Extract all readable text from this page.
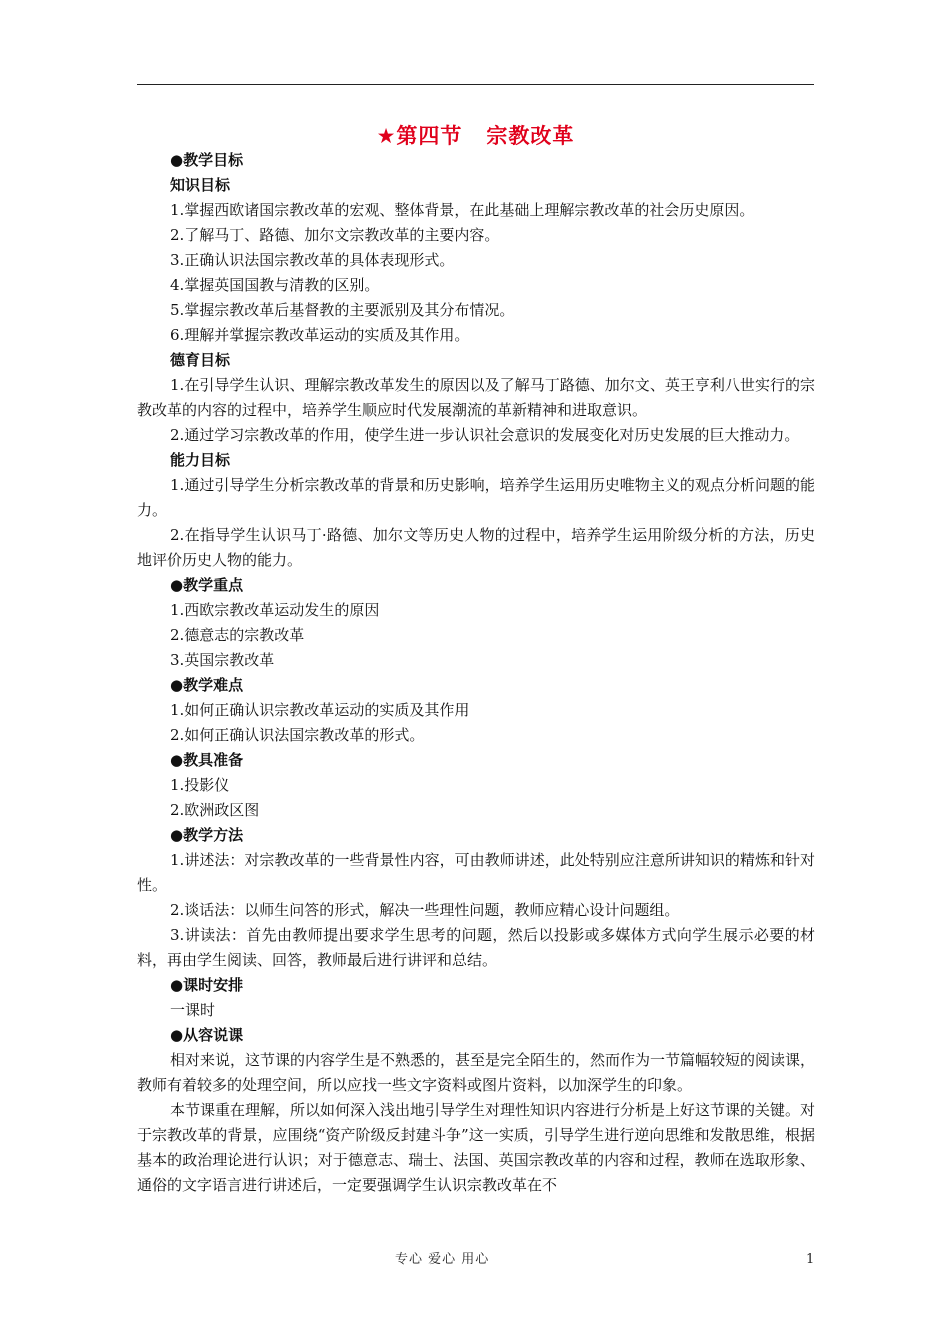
★第四节 宗教改革
●教学目标
知识目标
1.掌握西欧诸国宗教改革的宏观、整体背景，在此基础上理解宗教改革的社会历史原因。
2.了解马丁、路德、加尔文宗教改革的主要内容。
3.正确认识法国宗教改革的具体表现形式。
4.掌握英国国教与清教的区别。
5.掌握宗教改革后基督教的主要派别及其分布情况。
6.理解并掌握宗教改革运动的实质及其作用。
德育目标
1.在引导学生认识、理解宗教改革发生的原因以及了解马丁路德、加尔文、英王亨利八世实行的宗教改革的内容的过程中，培养学生顺应时代发展潮流的革新精神和进取意识。
2.通过学习宗教改革的作用，使学生进一步认识社会意识的发展变化对历史发展的巨大推动力。
能力目标
1.通过引导学生分析宗教改革的背景和历史影响，培养学生运用历史唯物主义的观点分析问题的能力。
2.在指导学生认识马丁·路德、加尔文等历史人物的过程中，培养学生运用阶级分析的方法，历史地评价历史人物的能力。
●教学重点
1.西欧宗教改革运动发生的原因
2.德意志的宗教改革
3.英国宗教改革
●教学难点
1.如何正确认识宗教改革运动的实质及其作用
2.如何正确认识法国宗教改革的形式。
●教具准备
1.投影仪
2.欧洲政区图
●教学方法
1.讲述法：对宗教改革的一些背景性内容，可由教师讲述，此处特别应注意所讲知识的精炼和针对性。
2.谈话法：以师生问答的形式，解决一些理性问题，教师应精心设计问题组。
3.讲读法：首先由教师提出要求学生思考的问题，然后以投影或多媒体方式向学生展示必要的材料，再由学生阅读、回答，教师最后进行讲评和总结。
●课时安排
一课时
●从容说课
相对来说，这节课的内容学生是不熟悉的，甚至是完全陌生的，然而作为一节篇幅较短的阅读课，教师有着较多的处理空间，所以应找一些文字资料或图片资料，以加深学生的印象。
本节课重在理解，所以如何深入浅出地引导学生对理性知识内容进行分析是上好这节课的关键。对于宗教改革的背景，应围绕“资产阶级反封建斗争”这一实质，引导学生进行逆向思维和发散思维，根据基本的政治理论进行认识；对于德意志、瑞士、法国、英国宗教改革的内容和过程，教师在选取形象、通俗的文字语言进行讲述后，一定要强调学生认识宗教改革在不
专心 爱心 用心	1
